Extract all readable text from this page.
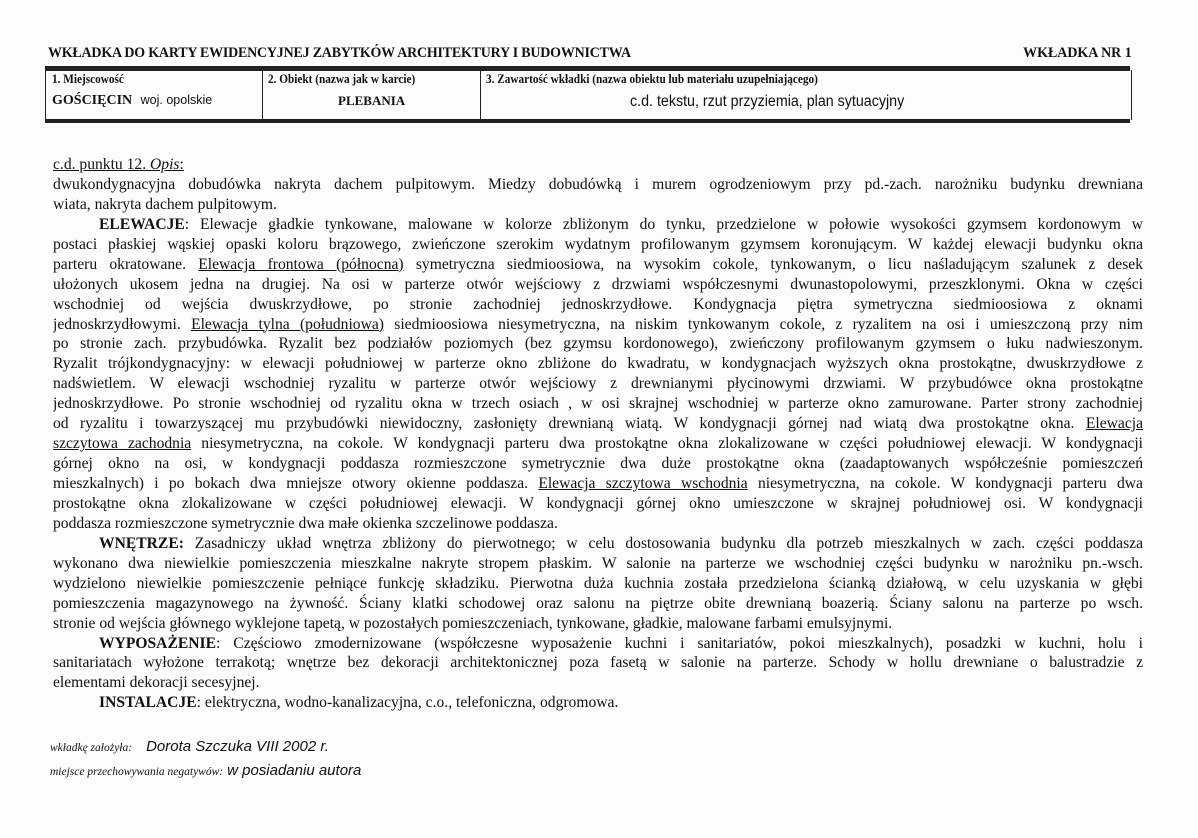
WKŁADKA DO KARTY EWIDENCYJNEJ ZABYTKÓW ARCHITEKTURY I BUDOWNICTWA	WKŁADKA NR 1
1. Miejscowość
GOŚCIĘCIN woj. opolskie
2. Obiekt (nazwa jak w karcie)
PLEBANIA
3. Zawartość wkładki (nazwa obiektu lub materiału uzupełniającego)
c.d. tekstu, rzut przyziemia, plan sytuacyjny
c.d. punktu 12. Opis:
dwukondygnacyjna dobudówka nakryta dachem pulpitowym. Miedzy dobudówką i murem ogrodzeniowym przy pd.-zach. narożniku budynku drewniana
wiata, nakryta dachem pulpitowym.
ELEWACJE: Elewacje gładkie tynkowane, malowane w kolorze zbliżonym do tynku, przedzielone w połowie wysokości gzymsem kordonowym w
postaci płaskiej wąskiej opaski koloru brązowego, zwieńczone szerokim wydatnym profilowanym gzymsem koronującym. W każdej elewacji budynku okna
parteru okratowane. Elewacja frontowa (północna) symetryczna siedmioosiowa, na wysokim cokole, tynkowanym, o licu naśladującym szalunek z desek
ułożonych ukosem jedna na drugiej. Na osi w parterze otwór wejściowy z drzwiami współczesnymi dwunastopolowymi, przeszklonymi. Okna w części
wschodniej od wejścia dwuskrzydłowe, po stronie zachodniej jednoskrzydłowe. Kondygnacja piętra symetryczna siedmioosiowa z oknami
jednoskrzydłowymi. Elewacja tylna (południowa) siedmioosiowa niesymetryczna, na niskim tynkowanym cokole, z ryzalitem na osi i umieszczoną przy nim
po stronie zach. przybudówka. Ryzalit bez podziałów poziomych (bez gzymsu kordonowego), zwieńczony profilowanym gzymsem o łuku nadwieszonym.
Ryzalit trójkondygnacyjny: w elewacji południowej w parterze okno zbliżone do kwadratu, w kondygnacjach wyższych okna prostokątne, dwuskrzydłowe z
nadświetlem. W elewacji wschodniej ryzalitu w parterze otwór wejściowy z drewnianymi płycinowymi drzwiami. W przybudówce okna prostokątne
jednoskrzydłowe. Po stronie wschodniej od ryzalitu okna w trzech osiach , w osi skrajnej wschodniej w parterze okno zamurowane. Parter strony zachodniej
od ryzalitu i towarzyszącej mu przybudówki niewidoczny, zasłonięty drewnianą wiatą. W kondygnacji górnej nad wiatą dwa prostokątne okna. Elewacja
szczytowa zachodnia niesymetryczna, na cokole. W kondygnacji parteru dwa prostokątne okna zlokalizowane w części południowej elewacji. W kondygnacji
górnej okno na osi, w kondygnacji poddasza rozmieszczone symetrycznie dwa duże prostokątne okna (zaadaptowanych współcześnie pomieszczeń
mieszkalnych) i po bokach dwa mniejsze otwory okienne poddasza. Elewacja szczytowa wschodnia niesymetryczna, na cokole. W kondygnacji parteru dwa
prostokątne okna zlokalizowane w części południowej elewacji. W kondygnacji górnej okno umieszczone w skrajnej południowej osi. W kondygnacji
poddasza rozmieszczone symetrycznie dwa małe okienka szczelinowe poddasza.
WNĘTRZE: Zasadniczy układ wnętrza zbliżony do pierwotnego; w celu dostosowania budynku dla potrzeb mieszkalnych w zach. części poddasza
wykonano dwa niewielkie pomieszczenia mieszkalne nakryte stropem płaskim. W salonie na parterze we wschodniej części budynku w narożniku pn.-wsch.
wydzielono niewielkie pomieszczenie pełniące funkcję składziku. Pierwotna duża kuchnia została przedzielona ścianką działową, w celu uzyskania w głębi
pomieszczenia magazynowego na żywność. Ściany klatki schodowej oraz salonu na piętrze obite drewnianą boazerią. Ściany salonu na parterze po wsch.
stronie od wejścia głównego wyklejone tapetą, w pozostałych pomieszczeniach, tynkowane, gładkie, malowane farbami emulsyjnymi.
WYPOSAŻENIE: Częściowo zmodernizowane (współczesne wyposażenie kuchni i sanitariatów, pokoi mieszkalnych), posadzki w kuchni, holu i
sanitariatach wyłożone terrakotą; wnętrze bez dekoracji architektonicznej poza fasetą w salonie na parterze. Schody w hollu drewniane o balustradzie z
elementami dekoracji secesyjnej.
INSTALACJE: elektryczna, wodno-kanalizacyjna, c.o., telefoniczna, odgromowa.
wkładkę założyła: Dorota Szczuka VIII 2002 r.
miejsce przechowywania negatywów: w posiadaniu autora
